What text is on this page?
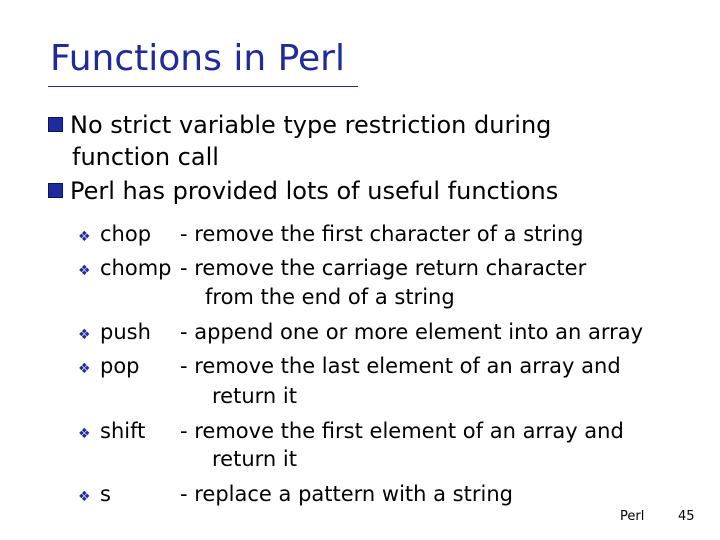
Functions in Perl
No strict variable type restriction during
function call
Perl has provided lots of useful functions
❖ chop - remove the first character of a string
❖ chomp - remove the carriage return character
from the end of a string
❖ push - append one or more element into an array
❖ pop - remove the last element of an array and
return it
❖ shift - remove the first element of an array and
return it
❖ s	- replace a pattern with a string
Perl	45
